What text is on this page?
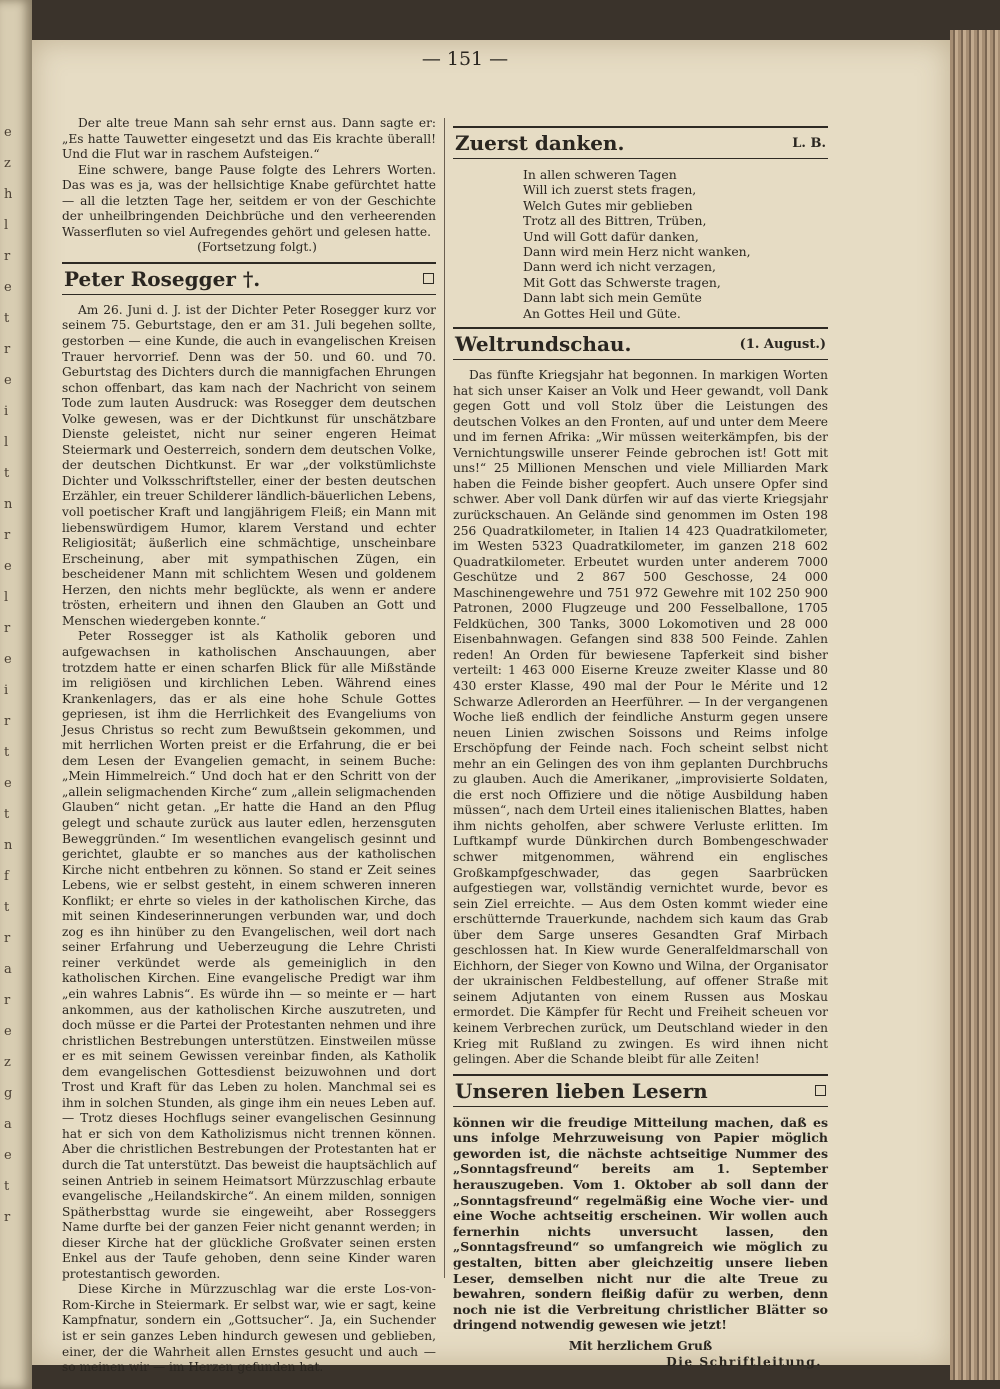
e
z
h
l
r
e
t
r
e
i
l
t
n
r
e
l
r
e
i
r
t
e
t
n
f
t
r
a
r
e
z
g
a
e
t
r
— 151 —

Der alte treue Mann sah sehr ernst aus. Dann sagte er: „Es hatte Tauwetter eingesetzt und das Eis krachte überall! Und die Flut war in raschem Aufsteigen.“

Eine schwere, bange Pause folgte des Lehrers Worten. Das was es ja, was der hellsichtige Knabe gefürchtet hatte — all die letzten Tage her, seitdem er von der Geschichte der unheilbringenden Deichbrüche und den verheerenden Wasserfluten so viel Aufregendes gehört und gelesen hatte.

(Fortsetzung folgt.)

Peter Rosegger †.

Am 26. Juni d. J. ist der Dichter Peter Rosegger kurz vor seinem 75. Geburtstage, den er am 31. Juli begehen sollte, gestorben — eine Kunde, die auch in evangelischen Kreisen Trauer hervorrief. Denn was der 50. und 60. und 70. Geburtstag des Dichters durch die mannigfachen Ehrungen schon offenbart, das kam nach der Nachricht von seinem Tode zum lauten Ausdruck: was Rosegger dem deutschen Volke gewesen, was er der Dichtkunst für unschätzbare Dienste geleistet, nicht nur seiner engeren Heimat Steiermark und Oesterreich, sondern dem deutschen Volke, der deutschen Dichtkunst. Er war „der volkstümlichste Dichter und Volksschriftsteller, einer der besten deutschen Erzähler, ein treuer Schilderer ländlich-bäuerlichen Lebens, voll poetischer Kraft und langjährigem Fleiß; ein Mann mit liebenswürdigem Humor, klarem Verstand und echter Religiosität; äußerlich eine schmächtige, unscheinbare Erscheinung, aber mit sympathischen Zügen, ein bescheidener Mann mit schlichtem Wesen und goldenem Herzen, den nichts mehr beglückte, als wenn er andere trösten, erheitern und ihnen den Glauben an Gott und Menschen wiedergeben konnte.“

Peter Rossegger ist als Katholik geboren und aufgewachsen in katholischen Anschauungen, aber trotzdem hatte er einen scharfen Blick für alle Mißstände im religiösen und kirchlichen Leben. Während eines Krankenlagers, das er als eine hohe Schule Gottes gepriesen, ist ihm die Herrlichkeit des Evangeliums von Jesus Christus so recht zum Bewußtsein gekommen, und mit herrlichen Worten preist er die Erfahrung, die er bei dem Lesen der Evangelien gemacht, in seinem Buche: „Mein Himmelreich.“ Und doch hat er den Schritt von der „allein seligmachenden Kirche“ zum „allein seligmachenden Glauben“ nicht getan. „Er hatte die Hand an den Pflug gelegt und schaute zurück aus lauter edlen, herzensguten Beweggründen.“ Im wesentlichen evangelisch gesinnt und gerichtet, glaubte er so manches aus der katholischen Kirche nicht entbehren zu können. So stand er Zeit seines Lebens, wie er selbst gesteht, in einem schweren inneren Konflikt; er ehrte so vieles in der katholischen Kirche, das mit seinen Kindeserinnerungen verbunden war, und doch zog es ihn hinüber zu den Evangelischen, weil dort nach seiner Erfahrung und Ueberzeugung die Lehre Christi reiner verkündet werde als gemeiniglich in den katholischen Kirchen. Eine evangelische Predigt war ihm „ein wahres Labnis“. Es würde ihn — so meinte er — hart ankommen, aus der katholischen Kirche auszutreten, und doch müsse er die Partei der Protestanten nehmen und ihre christlichen Bestrebungen unterstützen. Einstweilen müsse er es mit seinem Gewissen vereinbar finden, als Katholik dem evangelischen Gottesdienst beizuwohnen und dort Trost und Kraft für das Leben zu holen. Manchmal sei es ihm in solchen Stunden, als ginge ihm ein neues Leben auf. — Trotz dieses Hochflugs seiner evangelischen Gesinnung hat er sich von dem Katholizismus nicht trennen können. Aber die christlichen Bestrebungen der Protestanten hat er durch die Tat unterstützt. Das beweist die hauptsächlich auf seinen Antrieb in seinem Heimatsort Mürzzuschlag erbaute evangelische „Heilandskirche“. An einem milden, sonnigen Spätherbsttag wurde sie eingeweiht, aber Rosseggers Name durfte bei der ganzen Feier nicht genannt werden; in dieser Kirche hat der glückliche Großvater seinen ersten Enkel aus der Taufe gehoben, denn seine Kinder waren protestantisch geworden.

Diese Kirche in Mürzzuschlag war die erste Los-von-Rom-Kirche in Steiermark. Er selbst war, wie er sagt, keine Kampfnatur, sondern ein „Gottsucher“. Ja, ein Suchender ist er sein ganzes Leben hindurch gewesen und geblieben, einer, der die Wahrheit allen Ernstes gesucht und auch — so meinen wir — im Herzen gefunden hat.

Zuerst danken.	L. B.
In allen schweren Tagen
Will ich zuerst stets fragen,
Welch Gutes mir geblieben
Trotz all des Bittren, Trüben,
Und will Gott dafür danken,
Dann wird mein Herz nicht wanken,
Dann werd ich nicht verzagen,
Mit Gott das Schwerste tragen,
Dann labt sich mein Gemüte
An Gottes Heil und Güte.
Weltrundschau.	(1. August.)

Das fünfte Kriegsjahr hat begonnen. In markigen Worten hat sich unser Kaiser an Volk und Heer gewandt, voll Dank gegen Gott und voll Stolz über die Leistungen des deutschen Volkes an den Fronten, auf und unter dem Meere und im fernen Afrika: „Wir müssen weiterkämpfen, bis der Vernichtungswille unserer Feinde gebrochen ist! Gott mit uns!“ 25 Millionen Menschen und viele Milliarden Mark haben die Feinde bisher geopfert. Auch unsere Opfer sind schwer. Aber voll Dank dürfen wir auf das vierte Kriegsjahr zurückschauen. An Gelände sind genommen im Osten 198 256 Quadratkilometer, in Italien 14 423 Quadratkilometer, im Westen 5323 Quadratkilometer, im ganzen 218 602 Quadratkilometer. Erbeutet wurden unter anderem 7000 Geschütze und 2 867 500 Geschosse, 24 000 Maschinengewehre und 751 972 Gewehre mit 102 250 900 Patronen, 2000 Flugzeuge und 200 Fesselballone, 1705 Feldküchen, 300 Tanks, 3000 Lokomotiven und 28 000 Eisenbahnwagen. Gefangen sind 838 500 Feinde. Zahlen reden! An Orden für bewiesene Tapferkeit sind bisher verteilt: 1 463 000 Eiserne Kreuze zweiter Klasse und 80 430 erster Klasse, 490 mal der Pour le Mérite und 12 Schwarze Adlerorden an Heerführer. — In der vergangenen Woche ließ endlich der feindliche Ansturm gegen unsere neuen Linien zwischen Soissons und Reims infolge Erschöpfung der Feinde nach. Foch scheint selbst nicht mehr an ein Gelingen des von ihm geplanten Durchbruchs zu glauben. Auch die Amerikaner, „improvisierte Soldaten, die erst noch Offiziere und die nötige Ausbildung haben müssen“, nach dem Urteil eines italienischen Blattes, haben ihm nichts geholfen, aber schwere Verluste erlitten. Im Luftkampf wurde Dünkirchen durch Bombengeschwader schwer mitgenommen, während ein englisches Großkampfgeschwader, das gegen Saarbrücken aufgestiegen war, vollständig vernichtet wurde, bevor es sein Ziel erreichte. — Aus dem Osten kommt wieder eine erschütternde Trauerkunde, nachdem sich kaum das Grab über dem Sarge unseres Gesandten Graf Mirbach geschlossen hat. In Kiew wurde Generalfeldmarschall von Eichhorn, der Sieger von Kowno und Wilna, der Organisator der ukrainischen Feldbestellung, auf offener Straße mit seinem Adjutanten von einem Russen aus Moskau ermordet. Die Kämpfer für Recht und Freiheit scheuen vor keinem Verbrechen zurück, um Deutschland wieder in den Krieg mit Rußland zu zwingen. Es wird ihnen nicht gelingen. Aber die Schande bleibt für alle Zeiten!

Unseren lieben Lesern

können wir die freudige Mitteilung machen, daß es uns infolge Mehrzuweisung von Papier möglich geworden ist, die nächste achtseitige Nummer des „Sonntagsfreund“ bereits am 1. September herauszugeben. Vom 1. Oktober ab soll dann der „Sonntagsfreund“ regelmäßig eine Woche vier- und eine Woche achtseitig erscheinen. Wir wollen auch fernerhin nichts unversucht lassen, den „Sonntagsfreund“ so umfangreich wie möglich zu gestalten, bitten aber gleichzeitig unsere lieben Leser, demselben nicht nur die alte Treue zu bewahren, sondern fleißig dafür zu werben, denn noch nie ist die Verbreitung christlicher Blätter so dringend notwendig gewesen wie jetzt!

Mit herzlichem Gruß
Die Schriftleitung.
